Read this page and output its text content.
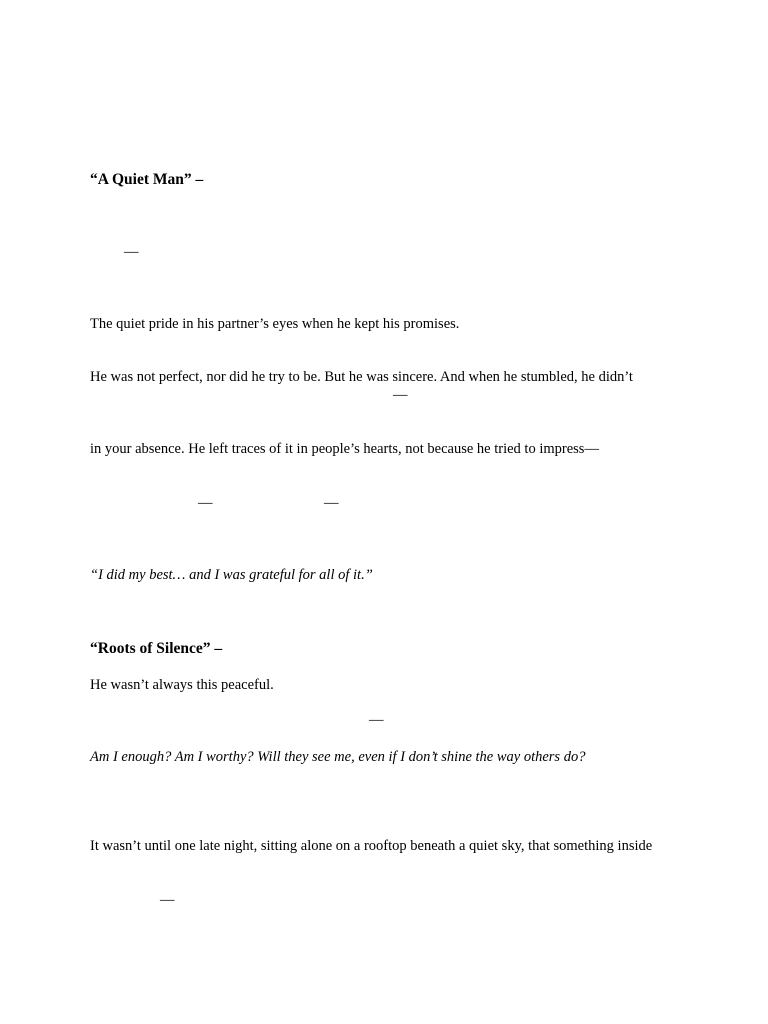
“A Quiet Man” –
—
The quiet pride in his partner’s eyes when he kept his promises.
He was not perfect, nor did he try to be. But he was sincere. And when he stumbled, he didn’t
—
in your absence. He left traces of it in people’s hearts, not because he tried to impress—
—	—
“I did my best… and I was grateful for all of it.”
“Roots of Silence” –
He wasn’t always this peaceful.
—
Am I enough? Am I worthy? Will they see me, even if I don’t shine the way others do?
It wasn’t until one late night, sitting alone on a rooftop beneath a quiet sky, that something inside
—
